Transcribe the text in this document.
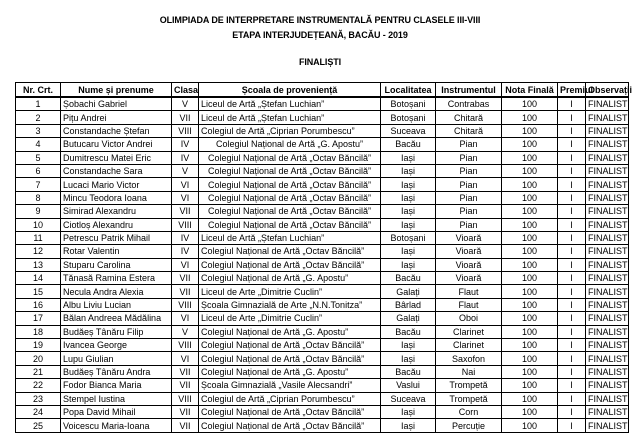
OLIMPIADA DE INTERPRETARE INSTRUMENTALĂ PENTRU CLASELE III-VIII
ETAPA INTERJUDEȚEANĂ, BACĂU - 2019
FINALIȘTI
Nr. Crt.	Nume și prenume	Clasa	Școala de proveniență	Localitatea	Instrumentul	Nota Finală	Premiul	Observații
1	Șobachi Gabriel	V	Liceul de Artă „Ștefan Luchian”	Botoșani	Contrabas	100	I	FINALIST
2	Pițu Andrei	VII	Liceul de Artă „Ștefan Luchian”	Botoșani	Chitară	100	I	FINALIST
3	Constandache Ștefan	VIII	Colegiul de Artă „Ciprian Porumbescu”	Suceava	Chitară	100	I	FINALIST
4	Butucaru Victor Andrei	IV	Colegiul Național de Artă „G. Apostu”	Bacău	Pian	100	I	FINALIST
5	Dumitrescu Matei Eric	IV	Colegiul Național de Artă „Octav Băncilă”	Iași	Pian	100	I	FINALIST
6	Constandache Sara	V	Colegiul Național de Artă „Octav Băncilă”	Iași	Pian	100	I	FINALIST
7	Lucaci Mario Victor	VI	Colegiul Național de Artă „Octav Băncilă”	Iași	Pian	100	I	FINALIST
8	Mincu Teodora Ioana	VI	Colegiul Național de Artă „Octav Băncilă”	Iași	Pian	100	I	FINALIST
9	Simirad Alexandru	VII	Colegiul Național de Artă „Octav Băncilă”	Iași	Pian	100	I	FINALIST
10	Ciotloș Alexandru	VIII	Colegiul Național de Artă „Octav Băncilă”	Iași	Pian	100	I	FINALIST
11	Petrescu Patrik Mihail	IV	Liceul de Artă „Ștefan Luchian”	Botoșani	Vioară	100	I	FINALIST
12	Rotar Valentin	IV	Colegiul Național de Artă „Octav Băncilă”	Iași	Vioară	100	I	FINALIST
13	Stuparu Carolina	VI	Colegiul Național de Artă „Octav Băncilă”	Iași	Vioară	100	I	FINALIST
14	Tănasă Ramina Estera	VII	Colegiul Național de Artă „G. Apostu”	Bacău	Vioară	100	I	FINALIST
15	Necula Andra Alexia	VII	Liceul de Arte „Dimitrie Cuclin”	Galați	Flaut	100	I	FINALIST
16	Albu Liviu Lucian	VIII	Școala Gimnazială de Arte „N.N.Tonitza”	Bârlad	Flaut	100	I	FINALIST
17	Bălan Andreea Mădălina	VI	Liceul de Arte „Dimitrie Cuclin”	Galați	Oboi	100	I	FINALIST
18	Budăeș Tânăru Filip	V	Colegiul Național de Artă „G. Apostu”	Bacău	Clarinet	100	I	FINALIST
19	Ivancea George	VIII	Colegiul Național de Artă „Octav Băncilă”	Iași	Clarinet	100	I	FINALIST
20	Lupu Giulian	VI	Colegiul Național de Artă „Octav Băncilă”	Iași	Saxofon	100	I	FINALIST
21	Budăeș Tânăru Andra	VII	Colegiul Național de Artă „G. Apostu”	Bacău	Nai	100	I	FINALIST
22	Fodor Bianca Maria	VII	Școala Gimnazială „Vasile Alecsandri”	Vaslui	Trompetă	100	I	FINALIST
23	Stempel Iustina	VIII	Colegiul de Artă „Ciprian Porumbescu”	Suceava	Trompetă	100	I	FINALIST
24	Popa David Mihail	VII	Colegiul Național de Artă „Octav Băncilă”	Iași	Corn	100	I	FINALIST
25	Voicescu Maria-Ioana	VII	Colegiul Național de Artă „Octav Băncilă”	Iași	Percuție	100	I	FINALIST
